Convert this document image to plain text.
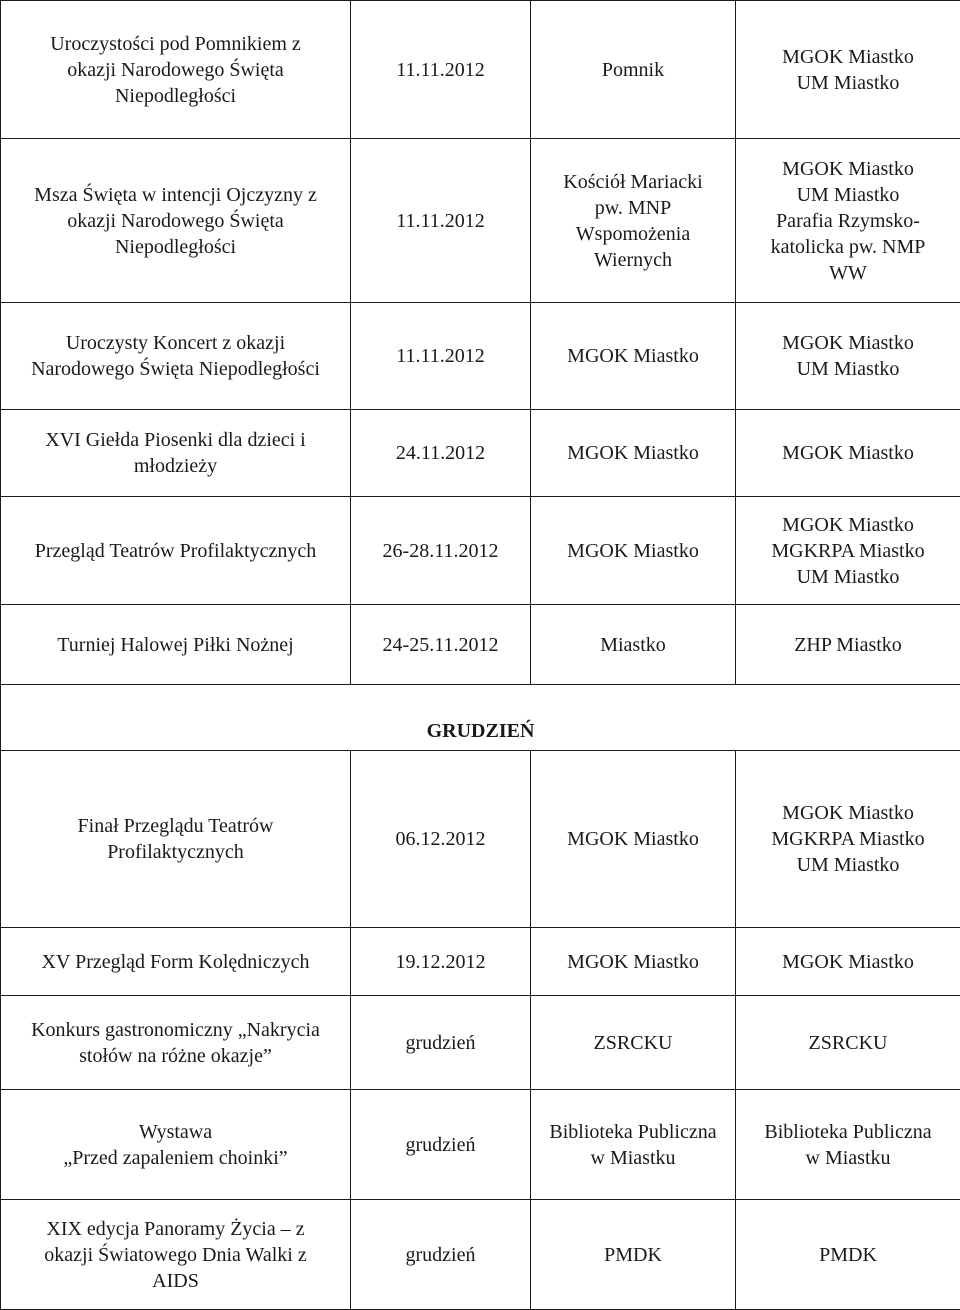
Uroczystości pod Pomnikiem z
okazji Narodowego Święta
Niepodległości	11.11.2012	Pomnik	MGOK Miastko
UM Miastko

Msza Święta w intencji Ojczyzny z
okazji Narodowego Święta
Niepodległości	11.11.2012	Kościół Mariacki
pw. MNP
Wspomożenia
Wiernych	MGOK Miastko
UM Miastko
Parafia Rzymsko-
katolicka pw. NMP
WW

Uroczysty Koncert z okazji
Narodowego Święta Niepodległości	11.11.2012	MGOK Miastko	MGOK Miastko
UM Miastko

XVI Giełda Piosenki dla dzieci i
młodzieży	24.11.2012	MGOK Miastko	MGOK Miastko

Przegląd Teatrów Profilaktycznych	26-28.11.2012	MGOK Miastko	MGOK Miastko
MGKRPA Miastko
UM Miastko

Turniej Halowej Piłki Nożnej	24-25.11.2012	Miastko	ZHP Miastko

GRUDZIEŃ			

Finał Przeglądu Teatrów
Profilaktycznych	06.12.2012	MGOK Miastko	MGOK Miastko
MGKRPA Miastko
UM Miastko

XV Przegląd Form Kolędniczych	19.12.2012	MGOK Miastko	MGOK Miastko

Konkurs gastronomiczny „Nakrycia
stołów na różne okazje”	grudzień	ZSRCKU	ZSRCKU

Wystawa
„Przed zapaleniem choinki”	grudzień	Biblioteka Publiczna
w Miastku	Biblioteka Publiczna
w Miastku

XIX edycja Panoramy Życia – z
okazji Światowego Dnia Walki z
AIDS	grudzień	PMDK	PMDK
